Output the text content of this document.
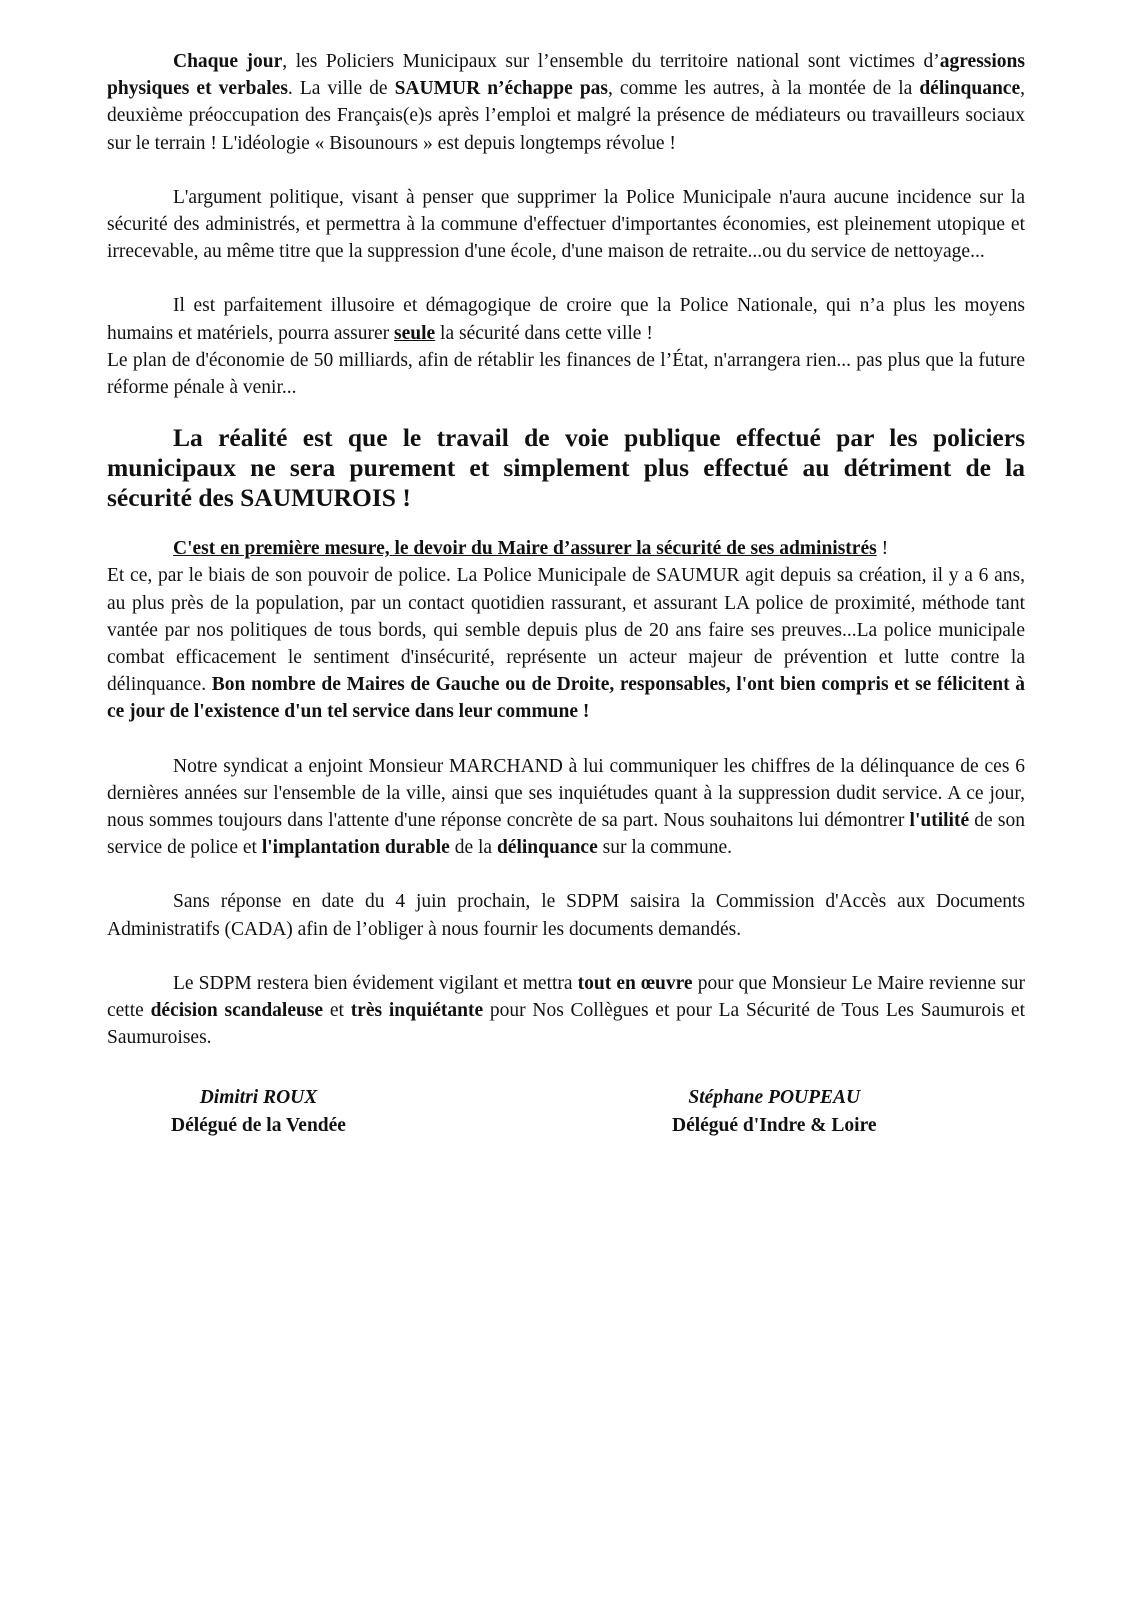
Chaque jour, les Policiers Municipaux sur l’ensemble du territoire national sont victimes d’agressions physiques et verbales. La ville de SAUMUR n’échappe pas, comme les autres, à la montée de la délinquance, deuxième préoccupation des Français(e)s après l’emploi et malgré la présence de médiateurs ou travailleurs sociaux sur le terrain ! L'idéologie « Bisounours » est depuis longtemps révolue !

L'argument politique, visant à penser que supprimer la Police Municipale n'aura aucune incidence sur la sécurité des administrés, et permettra à la commune d'effectuer d'importantes économies, est pleinement utopique et irrecevable, au même titre que la suppression d'une école, d'une maison de retraite...ou du service de nettoyage...

Il est parfaitement illusoire et démagogique de croire que la Police Nationale, qui n’a plus les moyens humains et matériels, pourra assurer seule la sécurité dans cette ville !

Le plan de d'économie de 50 milliards, afin de rétablir les finances de l’État, n'arrangera rien... pas plus que la future réforme pénale à venir...

La réalité est que le travail de voie publique effectué par les policiers municipaux ne sera purement et simplement plus effectué au détriment de la sécurité des SAUMUROIS !

C'est en première mesure, le devoir du Maire d’assurer la sécurité de ses administrés !

Et ce, par le biais de son pouvoir de police. La Police Municipale de SAUMUR agit depuis sa création, il y a 6 ans, au plus près de la population, par un contact quotidien rassurant, et assurant LA police de proximité, méthode tant vantée par nos politiques de tous bords, qui semble depuis plus de 20 ans faire ses preuves...La police municipale combat efficacement le sentiment d'insécurité, représente un acteur majeur de prévention et lutte contre la délinquance. Bon nombre de Maires de Gauche ou de Droite, responsables, l'ont bien compris et se félicitent à ce jour de l'existence d'un tel service dans leur commune !

Notre syndicat a enjoint Monsieur MARCHAND à lui communiquer les chiffres de la délinquance de ces 6 dernières années sur l'ensemble de la ville, ainsi que ses inquiétudes quant à la suppression dudit service. A ce jour, nous sommes toujours dans l'attente d'une réponse concrète de sa part. Nous souhaitons lui démontrer l'utilité de son service de police et l'implantation durable de la délinquance sur la commune.

Sans réponse en date du 4 juin prochain, le SDPM saisira la Commission d'Accès aux Documents Administratifs (CADA) afin de l’obliger à nous fournir les documents demandés.

Le SDPM restera bien évidement vigilant et mettra tout en œuvre pour que Monsieur Le Maire revienne sur cette décision scandaleuse et très inquiétante pour Nos Collègues et pour La Sécurité de Tous Les Saumurois et Saumuroises.

Dimitri ROUX
Délégué de la Vendée
Stéphane POUPEAU
Délégué d'Indre & Loire
